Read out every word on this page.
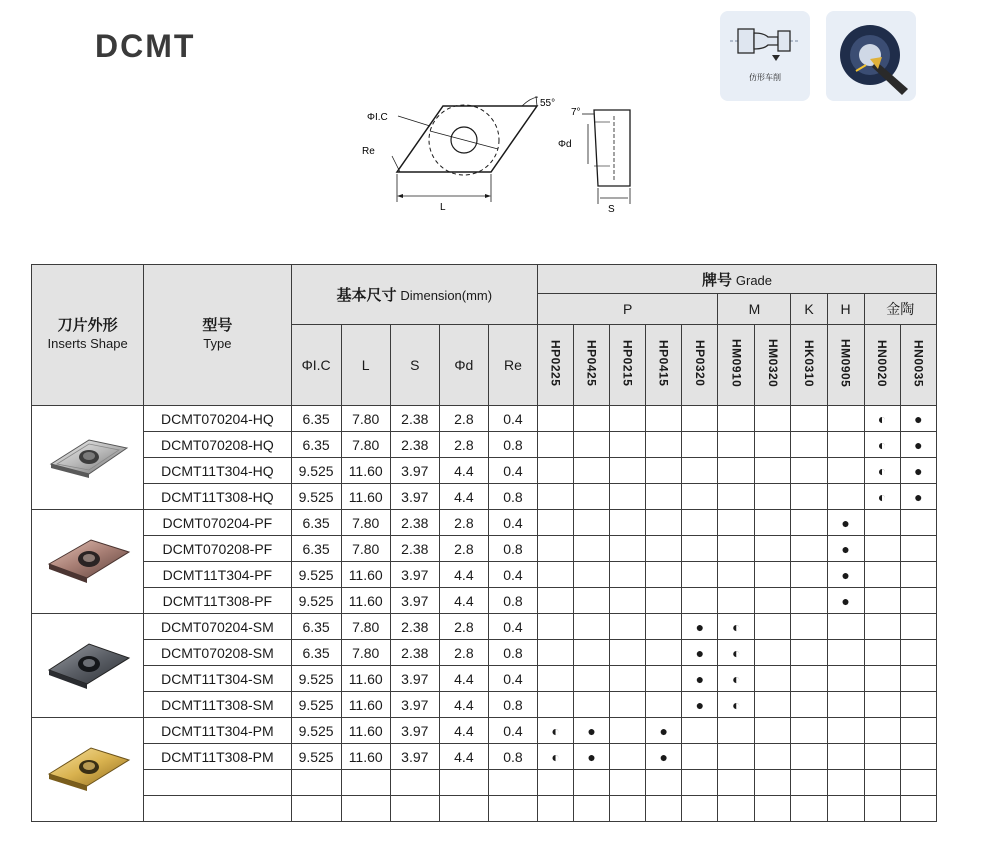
DCMT
仿形车削
ΦI.C
Re
L
55°
7°
Φd
S
刀片外形
Inserts Shape	型号
Type	基本尺寸 Dimension(mm)					牌号 Grade										
							P					M		K	H	金陶	
		ΦI.C	L	S	Φd	Re	HP0225	HP0425	HP0215	HP0415	HP0320	HM0910	HM0320	HK0310	HM0905	HN0020	HN0035
	DCMT070204-HQ	6.35	7.80	2.38	2.8	0.4										◐	●
	DCMT070208-HQ	6.35	7.80	2.38	2.8	0.8										◐	●
	DCMT11T304-HQ	9.525	11.60	3.97	4.4	0.4										◐	●
	DCMT11T308-HQ	9.525	11.60	3.97	4.4	0.8										◐	●
	DCMT070204-PF	6.35	7.80	2.38	2.8	0.4									●		
	DCMT070208-PF	6.35	7.80	2.38	2.8	0.8									●		
	DCMT11T304-PF	9.525	11.60	3.97	4.4	0.4									●		
	DCMT11T308-PF	9.525	11.60	3.97	4.4	0.8									●		
	DCMT070204-SM	6.35	7.80	2.38	2.8	0.4					●	◐					
	DCMT070208-SM	6.35	7.80	2.38	2.8	0.8					●	◐					
	DCMT11T304-SM	9.525	11.60	3.97	4.4	0.4					●	◐					
	DCMT11T308-SM	9.525	11.60	3.97	4.4	0.8					●	◐					
	DCMT11T304-PM	9.525	11.60	3.97	4.4	0.4	◐	●		●							
	DCMT11T308-PM	9.525	11.60	3.97	4.4	0.8	◐	●		●							
